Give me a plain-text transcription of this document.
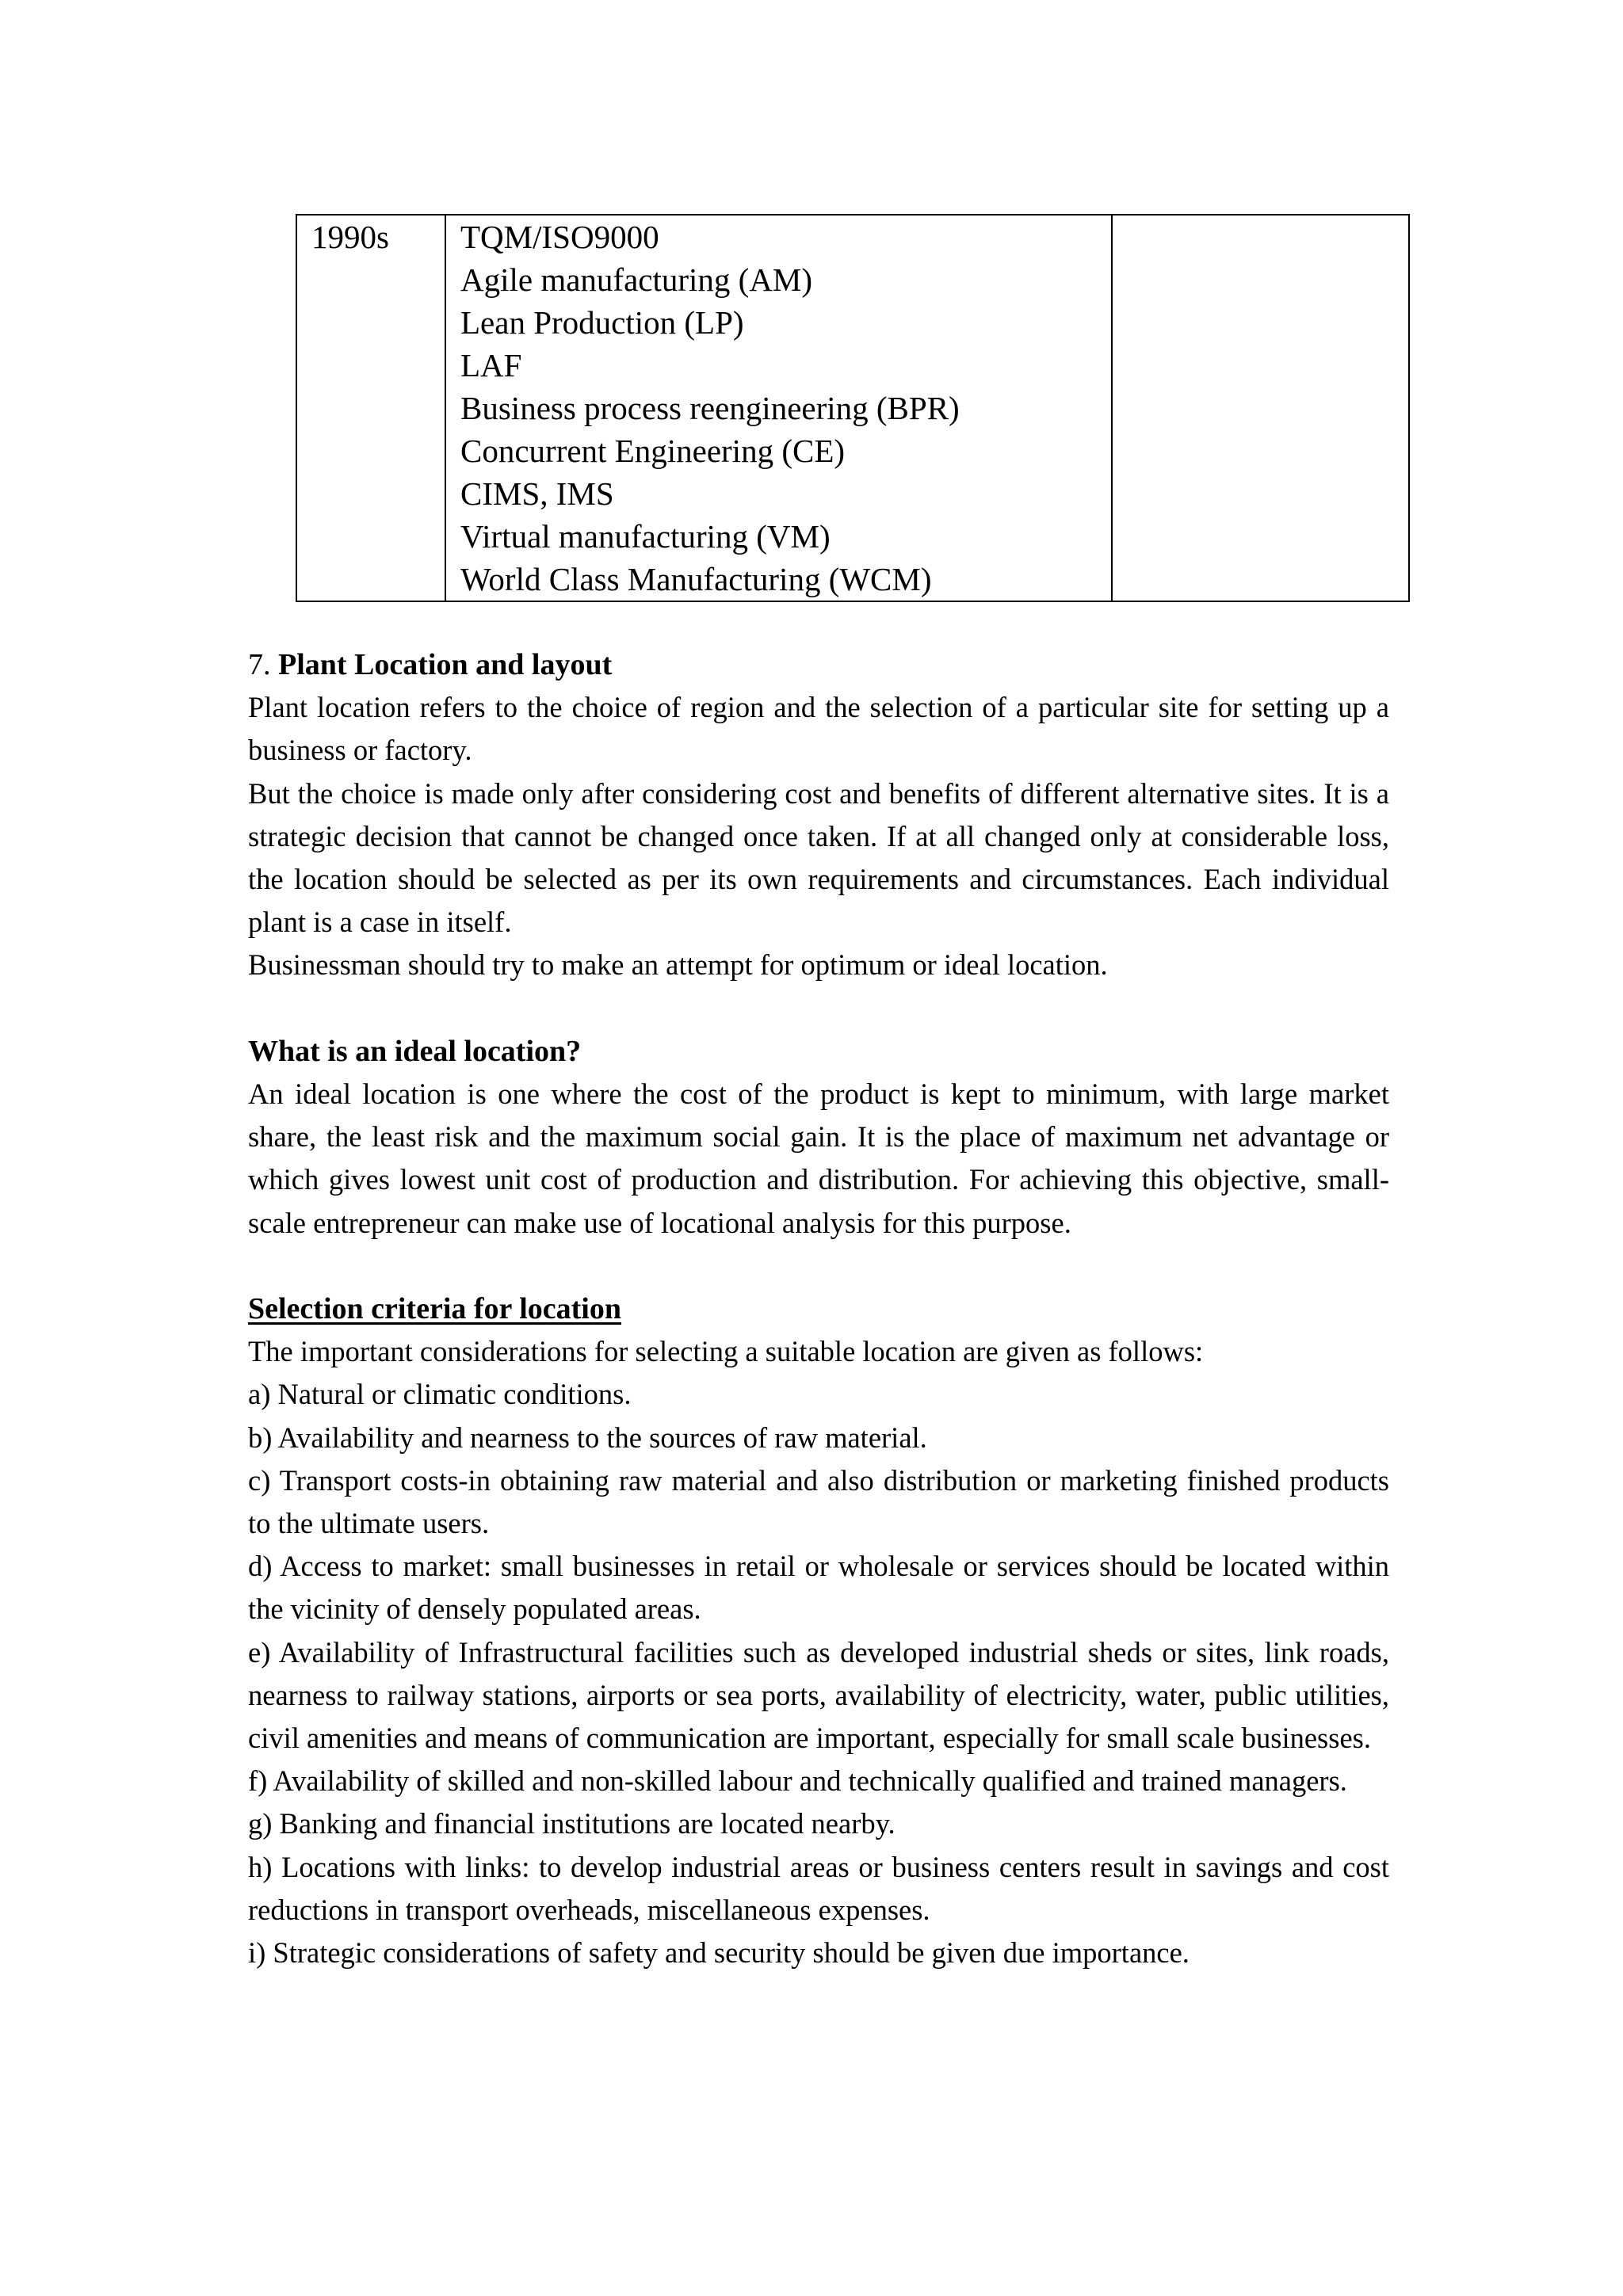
1990s	TQM/ISO9000
Agile manufacturing (AM)
Lean Production (LP)
LAF
Business process reengineering (BPR)
Concurrent Engineering (CE)
CIMS, IMS
Virtual manufacturing (VM)
World Class Manufacturing (WCM)

7. Plant Location and layout

Plant location refers to the choice of region and the selection of a particular site for setting up a business or factory.

But the choice is made only after considering cost and benefits of different alternative sites. It is a strategic decision that cannot be changed once taken. If at all changed only at considerable loss, the location should be selected as per its own requirements and circumstances. Each individual plant is a case in itself.

Businessman should try to make an attempt for optimum or ideal location.

What is an ideal location?

An ideal location is one where the cost of the product is kept to minimum, with large market share, the least risk and the maximum social gain. It is the place of maximum net advantage or which gives lowest unit cost of production and distribution. For achieving this objective, small-scale entrepreneur can make use of locational analysis for this purpose.

Selection criteria for location

The important considerations for selecting a suitable location are given as follows:

a) Natural or climatic conditions.

b) Availability and nearness to the sources of raw material.

c) Transport costs-in obtaining raw material and also distribution or marketing finished products to the ultimate users.

d) Access to market: small businesses in retail or wholesale or services should be located within the vicinity of densely populated areas.

e) Availability of Infrastructural facilities such as developed industrial sheds or sites, link roads, nearness to railway stations, airports or sea ports, availability of electricity, water, public utilities, civil amenities and means of communication are important, especially for small scale businesses.

f) Availability of skilled and non-skilled labour and technically qualified and trained managers.

g) Banking and financial institutions are located nearby.

h) Locations with links: to develop industrial areas or business centers result in savings and cost reductions in transport overheads, miscellaneous expenses.

i) Strategic considerations of safety and security should be given due importance.
